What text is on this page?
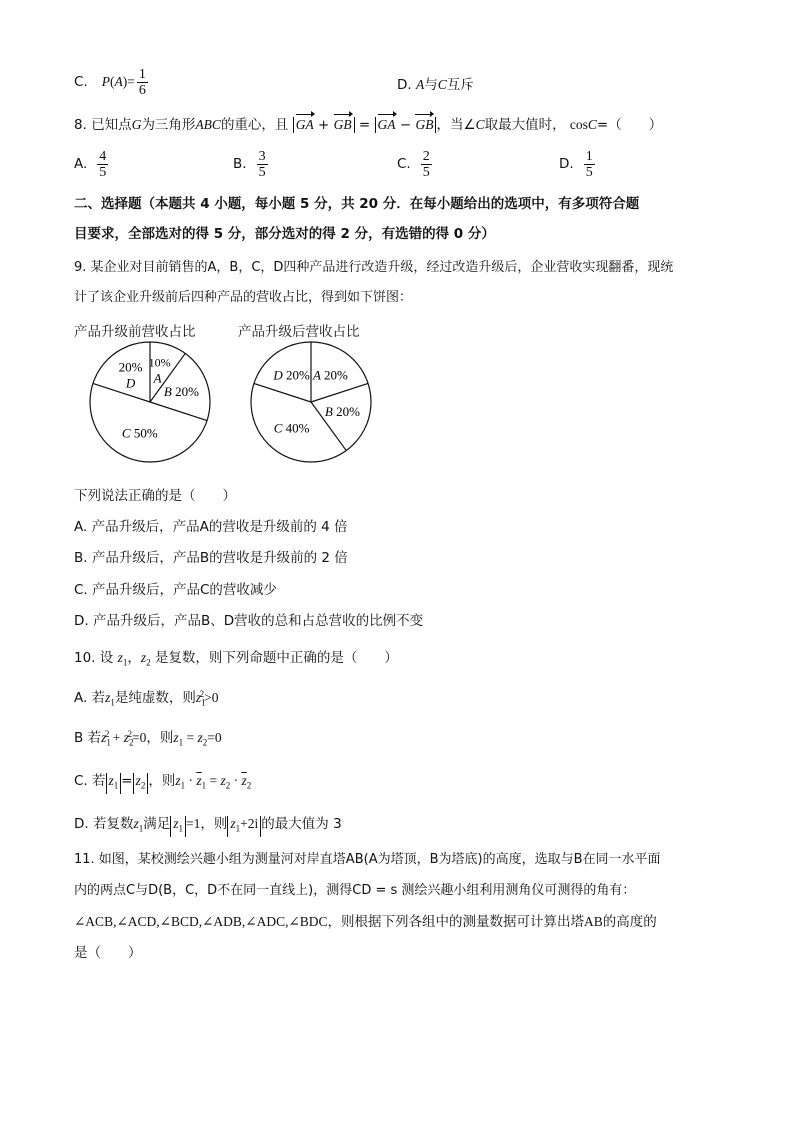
C. P ( A )= $\frac{1}{6}$	D. A与C互斥
8. 已知点G为三角形ABC的重心，且 GA + GB = GA − GB ，当∠C取最大值时， cosC=（　　）
A. $\frac{4}{5}$	B. $\frac{3}{5}$	C. $\frac{2}{5}$	D. $\frac{1}{5}$
二、选择题（本题共 4 小题，每小题 5 分，共 20 分．在每小题给出的选项中，有多项符合题
目要求，全部选对的得 5 分，部分选对的得 2 分，有选错的得 0 分）
9. 某企业对目前销售的A，B，C，D四种产品进行改造升级，经过改造升级后，企业营收实现翻番，现统
计了该企业升级前后四种产品的营收占比，得到如下饼图：
产品升级前营收占比	产品升级后营收占比
10%
A
B 20%
C 50%
20%
D
A 20%
B 20%
C 40%
D 20%
下列说法正确的是（　　）
A. 产品升级后，产品A的营收是升级前的 4 倍
B. 产品升级后，产品B的营收是升级前的 2 倍
C. 产品升级后，产品C的营收减少
D. 产品升级后，产品B、D营收的总和占总营收的比例不变
10. 设 $z_1$，$z_2$ 是复数，则下列命题中正确的是（　　）
A. 若$z_1$是纯虚数，则$z_1^2>0$
B 若$z_1^2 + z_2^2=0$，则$z_1 = z_2=0$
C. 若 $z_1 = z_2$ ，则$z_1 \cdot \overline{z}_1 = z_2 \cdot \overline{z}_2$
D. 若复数$z_1$满足 $z_1 =1$，则 $z_1+2i$ 的最大值为 3
11. 如图，某校测绘兴趣小组为测量河对岸直塔AB(A为塔顶，B为塔底)的高度，选取与B在同一水平面
内的两点C与D(B，C，D不在同一直线上)，测得CD = s 测绘兴趣小组利用测角仪可测得的角有：
∠ACB,∠ACD,∠BCD,∠ADB,∠ADC,∠BDC，则根据下列各组中的测量数据可计算出塔AB的高度的
是（　　）
